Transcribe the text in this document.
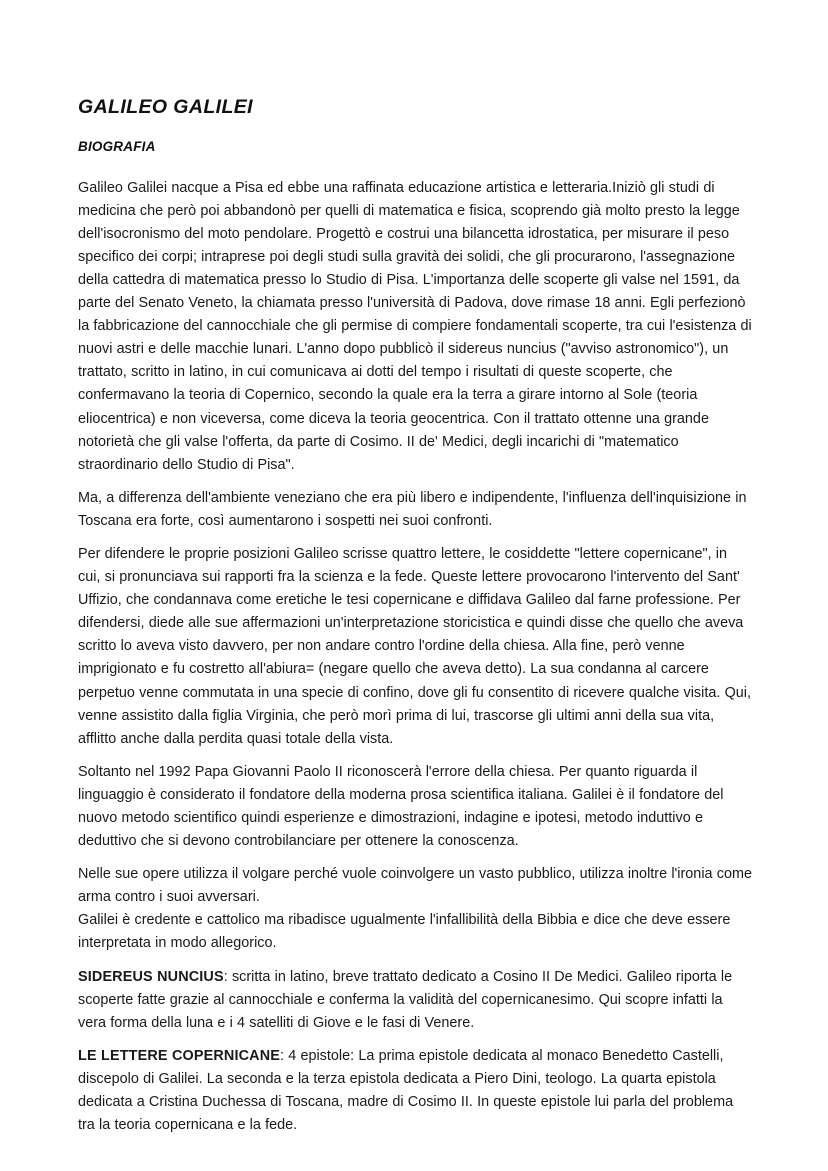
GALILEO GALILEI
BIOGRAFIA

Galileo Galilei nacque a Pisa ed ebbe una raffinata educazione artistica e letteraria.Iniziò gli studi di medicina che però poi abbandonò per quelli di matematica e fisica, scoprendo già molto presto la legge dell'isocronismo del moto pendolare. Progettò e costrui una bilancetta idrostatica, per misurare il peso specifico dei corpi; intraprese poi degli studi sulla gravità dei solidi, che gli procurarono, l'assegnazione della cattedra di matematica presso lo Studio di Pisa. L'importanza delle scoperte gli valse nel 1591, da parte del Senato Veneto, la chiamata presso l'università di Padova, dove rimase 18 anni. Egli perfezionò la fabbricazione del cannocchiale che gli permise di compiere fondamentali scoperte, tra cui l'esistenza di nuovi astri e delle macchie lunari. L'anno dopo pubblicò il sidereus nuncius ("avviso astronomico"), un trattato, scritto in latino, in cui comunicava ai dotti del tempo i risultati di queste scoperte, che confermavano la teoria di Copernico, secondo la quale era la terra a girare intorno al Sole (teoria eliocentrica) e non viceversa, come diceva la teoria geocentrica. Con il trattato ottenne una grande notorietà che gli valse l'offerta, da parte di Cosimo. II de' Medici, degli incarichi di "matematico straordinario dello Studio di Pisa".

Ma, a differenza dell'ambiente veneziano che era più libero e indipendente, l'influenza dell'inquisizione in Toscana era forte, così aumentarono i sospetti nei suoi confronti.

Per difendere le proprie posizioni Galileo scrisse quattro lettere, le cosiddette "lettere copernicane", in cui, si pronunciava sui rapporti fra la scienza e la fede. Queste lettere provocarono l'intervento del Sant' Uffizio, che condannava come eretiche le tesi copernicane e diffidava Galileo dal farne professione. Per difendersi, diede alle sue affermazioni un'interpretazione storicistica e quindi disse che quello che aveva scritto lo aveva visto davvero, per non andare contro l'ordine della chiesa. Alla fine, però venne imprigionato e fu costretto all'abiura= (negare quello che aveva detto). La sua condanna al carcere perpetuo venne commutata in una specie di confino, dove gli fu consentito di ricevere qualche visita. Qui, venne assistito dalla figlia Virginia, che però morì prima di lui, trascorse gli ultimi anni della sua vita, afflitto anche dalla perdita quasi totale della vista.

Soltanto nel 1992 Papa Giovanni Paolo II riconoscerà l'errore della chiesa. Per quanto riguarda il linguaggio è considerato il fondatore della moderna prosa scientifica italiana. Galilei è il fondatore del nuovo metodo scientifico quindi esperienze e dimostrazioni, indagine e ipotesi, metodo induttivo e deduttivo che si devono controbilanciare per ottenere la conoscenza.

Nelle sue opere utilizza il volgare perché vuole coinvolgere un vasto pubblico, utilizza inoltre l'ironia come arma contro i suoi avversari.

Galilei è credente e cattolico ma ribadisce ugualmente l'infallibilità della Bibbia e dice che deve essere interpretata in modo allegorico.

SIDEREUS NUNCIUS: scritta in latino, breve trattato dedicato a Cosino II De Medici. Galileo riporta le scoperte fatte grazie al cannocchiale e conferma la validità del copernicanesimo. Qui scopre infatti la vera forma della luna e i 4 satelliti di Giove e le fasi di Venere.

LE LETTERE COPERNICANE: 4 epistole: La prima epistole dedicata al monaco Benedetto Castelli, discepolo di Galilei. La seconda e la terza epistola dedicata a Piero Dini, teologo. La quarta epistola dedicata a Cristina Duchessa di Toscana, madre di Cosimo II. In queste epistole lui parla del problema tra la teoria copernicana e la fede.
